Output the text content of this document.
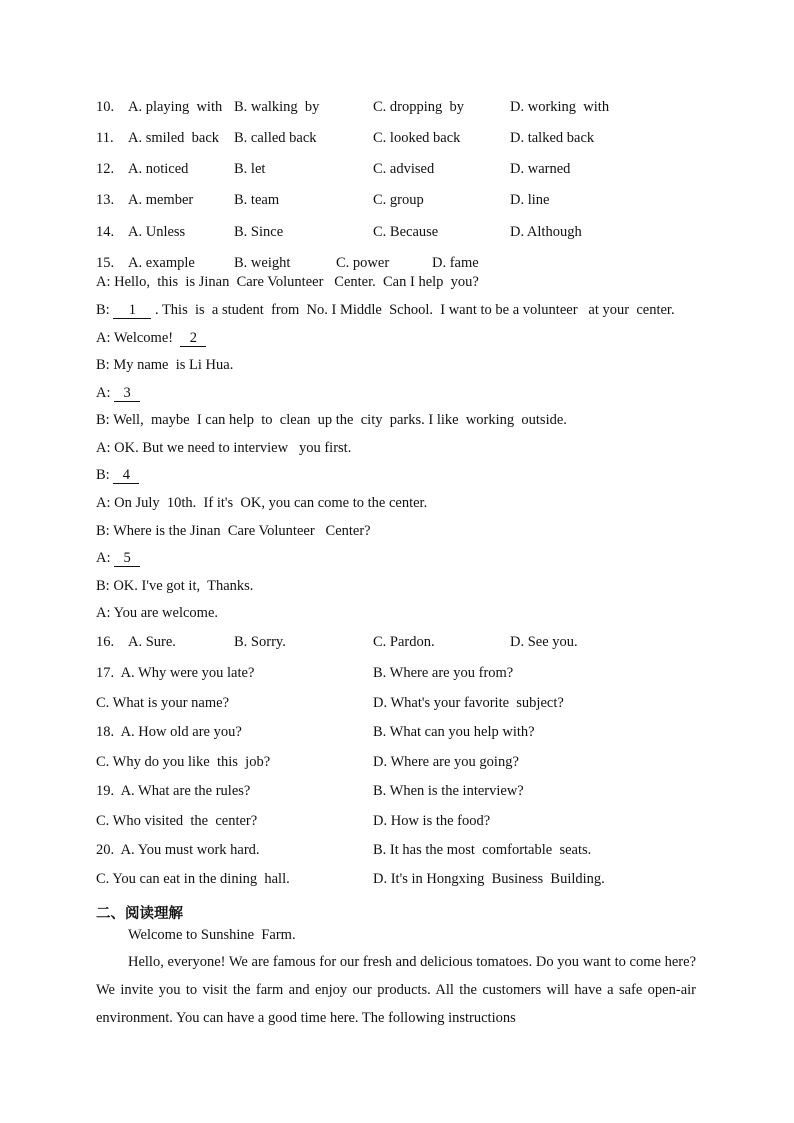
10. A. playing  with B. walking  by	C. dropping  by	D. working  with
11. A. smiled  back B. called back	C. looked back	D. talked back
12. A. noticed	B. let	C. advised	D. warned
13. A. member	B. team	C. group	D. line
14. A. Unless	B. Since	C. Because	D. Although
15. A. example	B. weight	C. power	D. fame
A: Hello,  this  is Jinan  Care Volunteer   Center.  Can I help  you?
B: 1 . This  is  a student  from  No. I Middle  School.  I want to be a volunteer   at your  center.
A: Welcome!  2
B: My name  is Li Hua.
A: 3
B: Well,  maybe  I can help  to  clean  up the  city  parks. I like  working  outside.
A: OK. But we need to interview   you first.
B: 4
A: On July  10th.  If it's  OK, you can come to the center.
B: Where is the Jinan  Care Volunteer   Center?
A: 5
B: OK. I've got it,  Thanks.
A: You are welcome.
16. A. Sure.	B. Sorry.	C. Pardon.	D. See you.
17.  A. Why were you late?	B. Where are you from?
C. What is your name?	D. What's your favorite  subject?
18.  A. How old are you?	B. What can you help with?
C. Why do you like  this  job?	D. Where are you going?
19.  A. What are the rules?	B. When is the interview?
C. Who visited  the  center?	D. How is the food?
20.  A. You must work hard.	B. It has the most  comfortable  seats.
C. You can eat in the dining  hall.	D. It's in Hongxing  Business  Building.
二、阅读理解
Welcome to Sunshine  Farm.
Hello, everyone! We are famous for our fresh and delicious tomatoes. Do you want to come here? We invite you to visit the farm and enjoy our products. All the customers will have a safe open-air environment. You can have a good time here. The following instructions
